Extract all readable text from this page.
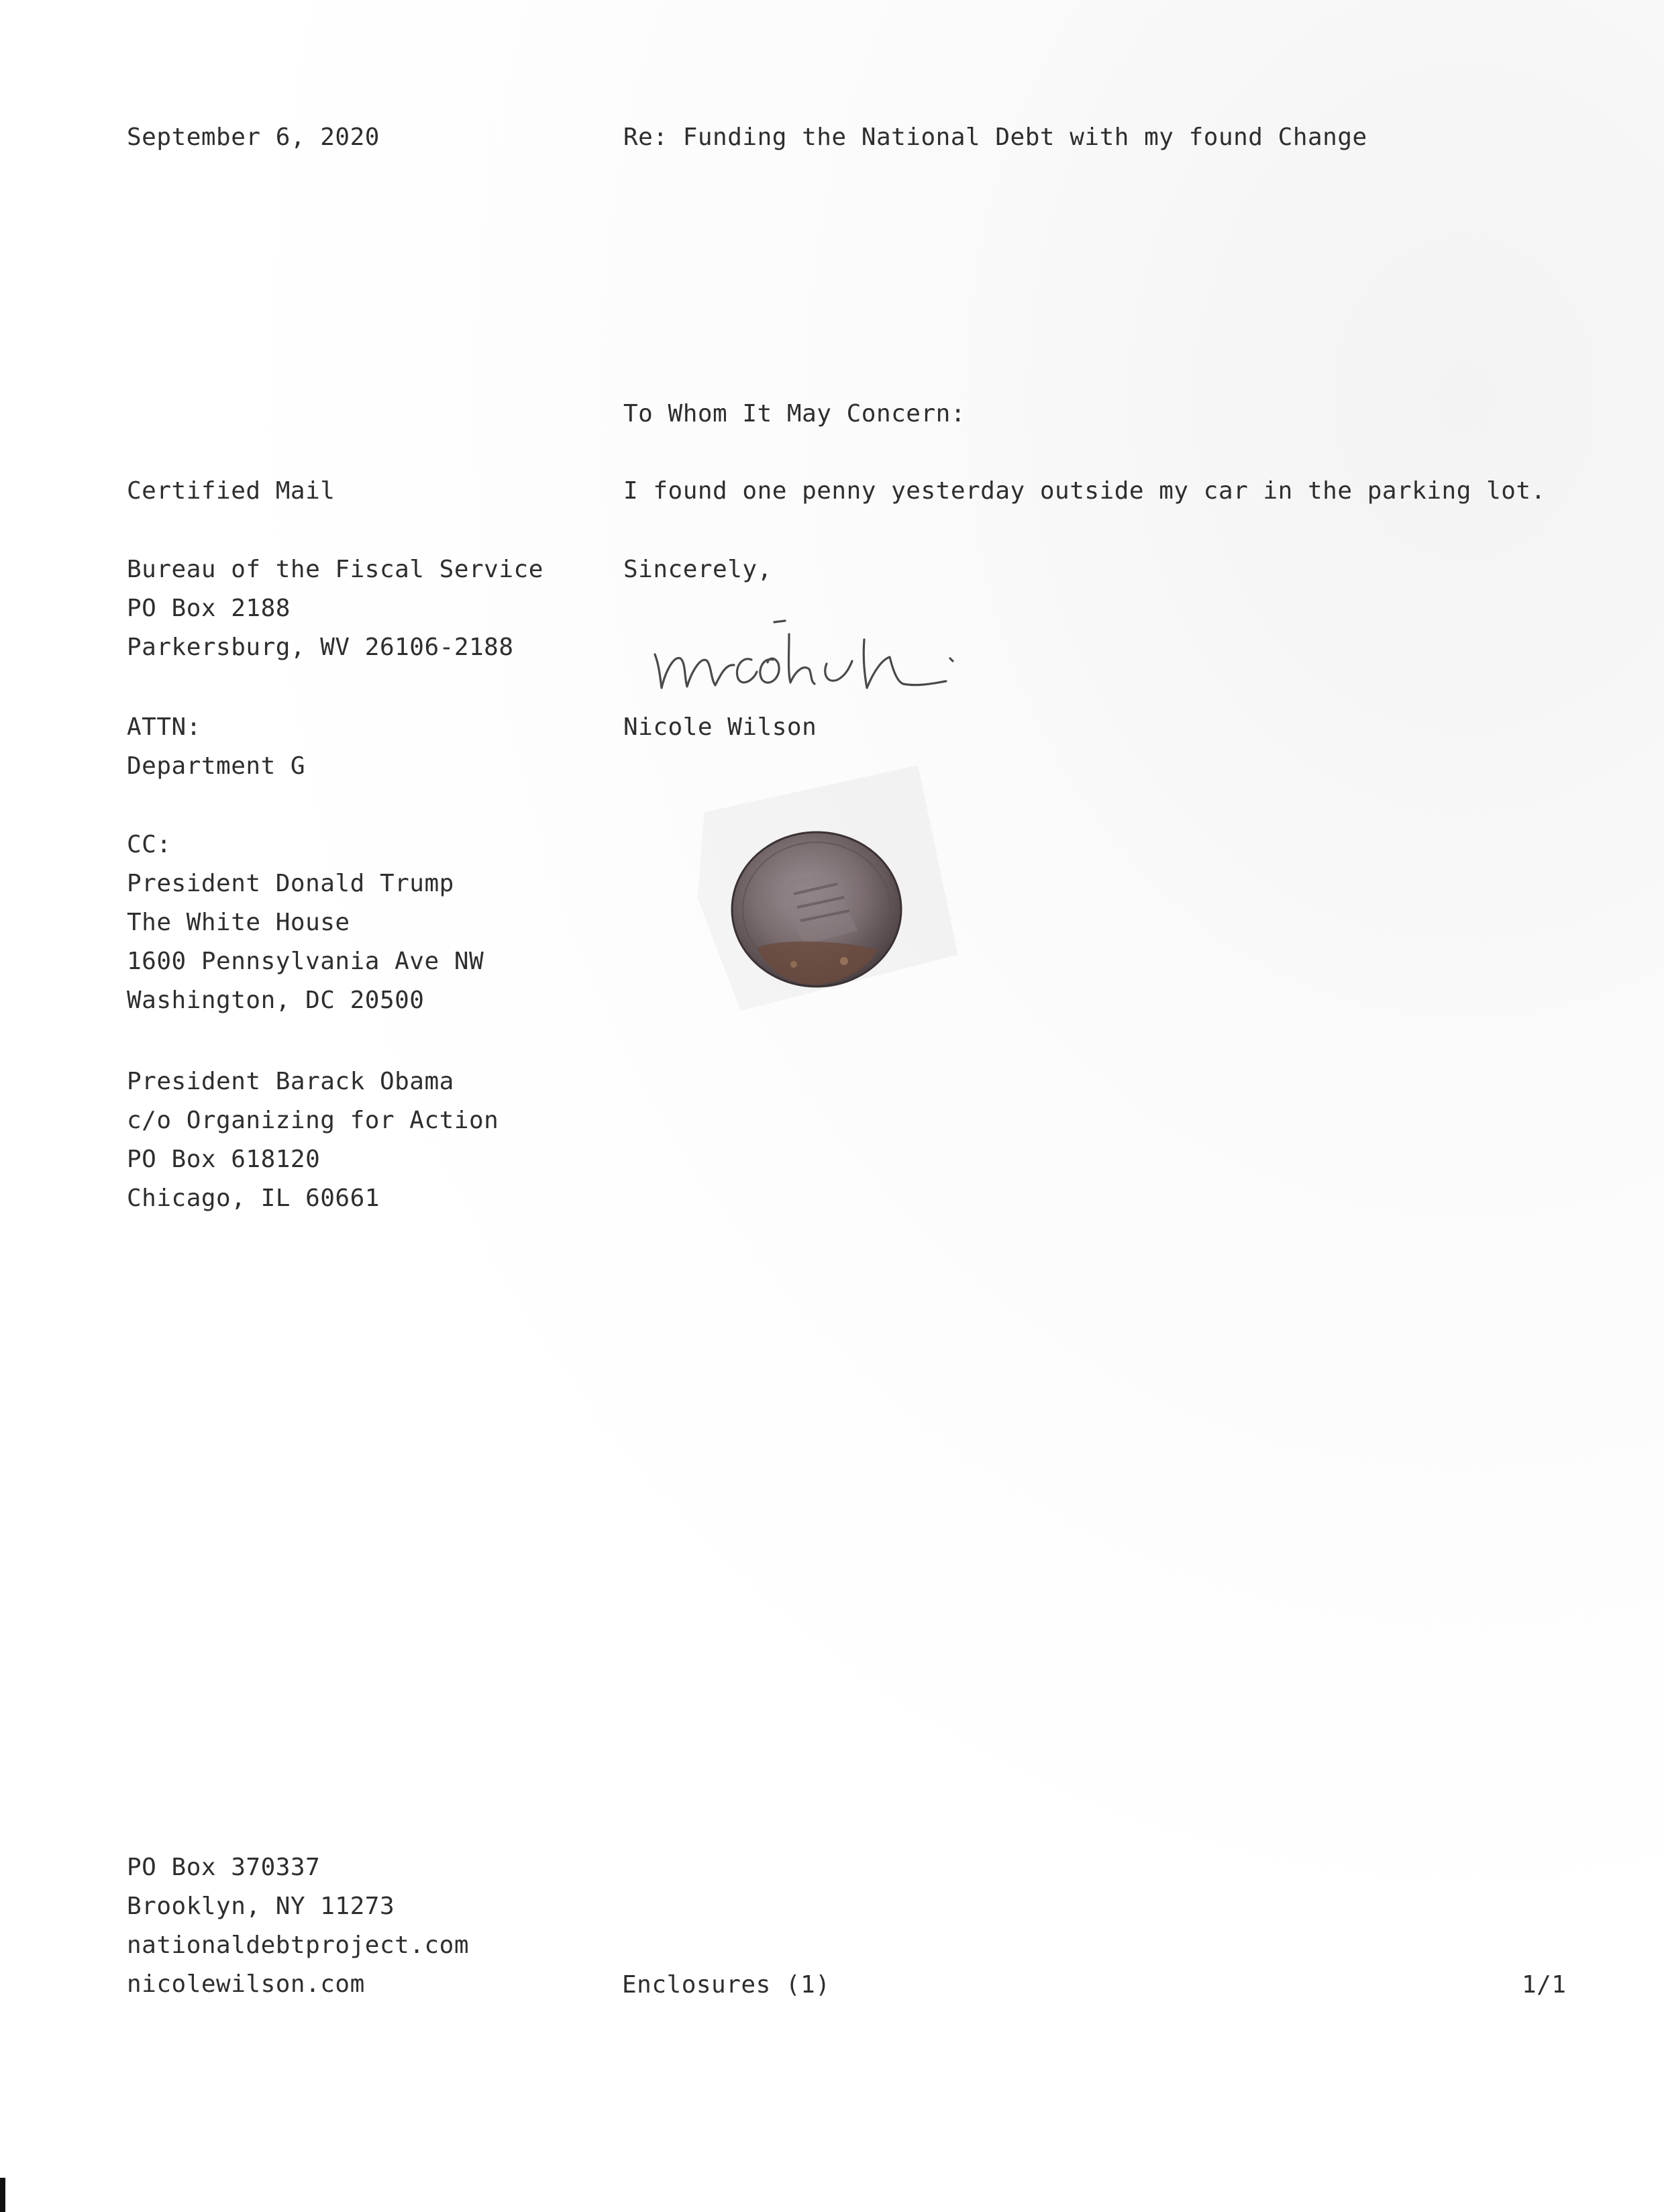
September 6, 2020	Re: Funding the National Debt with my found Change
To Whom It May Concern:
Certified Mail	I found one penny yesterday outside my car in the parking lot.
Bureau of the Fiscal Service
PO Box 2188
Parkersburg, WV 26106-2188
Sincerely,
ATTN:
Department G
Nicole Wilson
CC:
President Donald Trump
The White House
1600 Pennsylvania Ave NW
Washington, DC 20500
President Barack Obama
c/o Organizing for Action
PO Box 618120
Chicago, IL 60661
PO Box 370337
Brooklyn, NY 11273
nationaldebtproject.com
nicolewilson.com	Enclosures (1)	1/1
